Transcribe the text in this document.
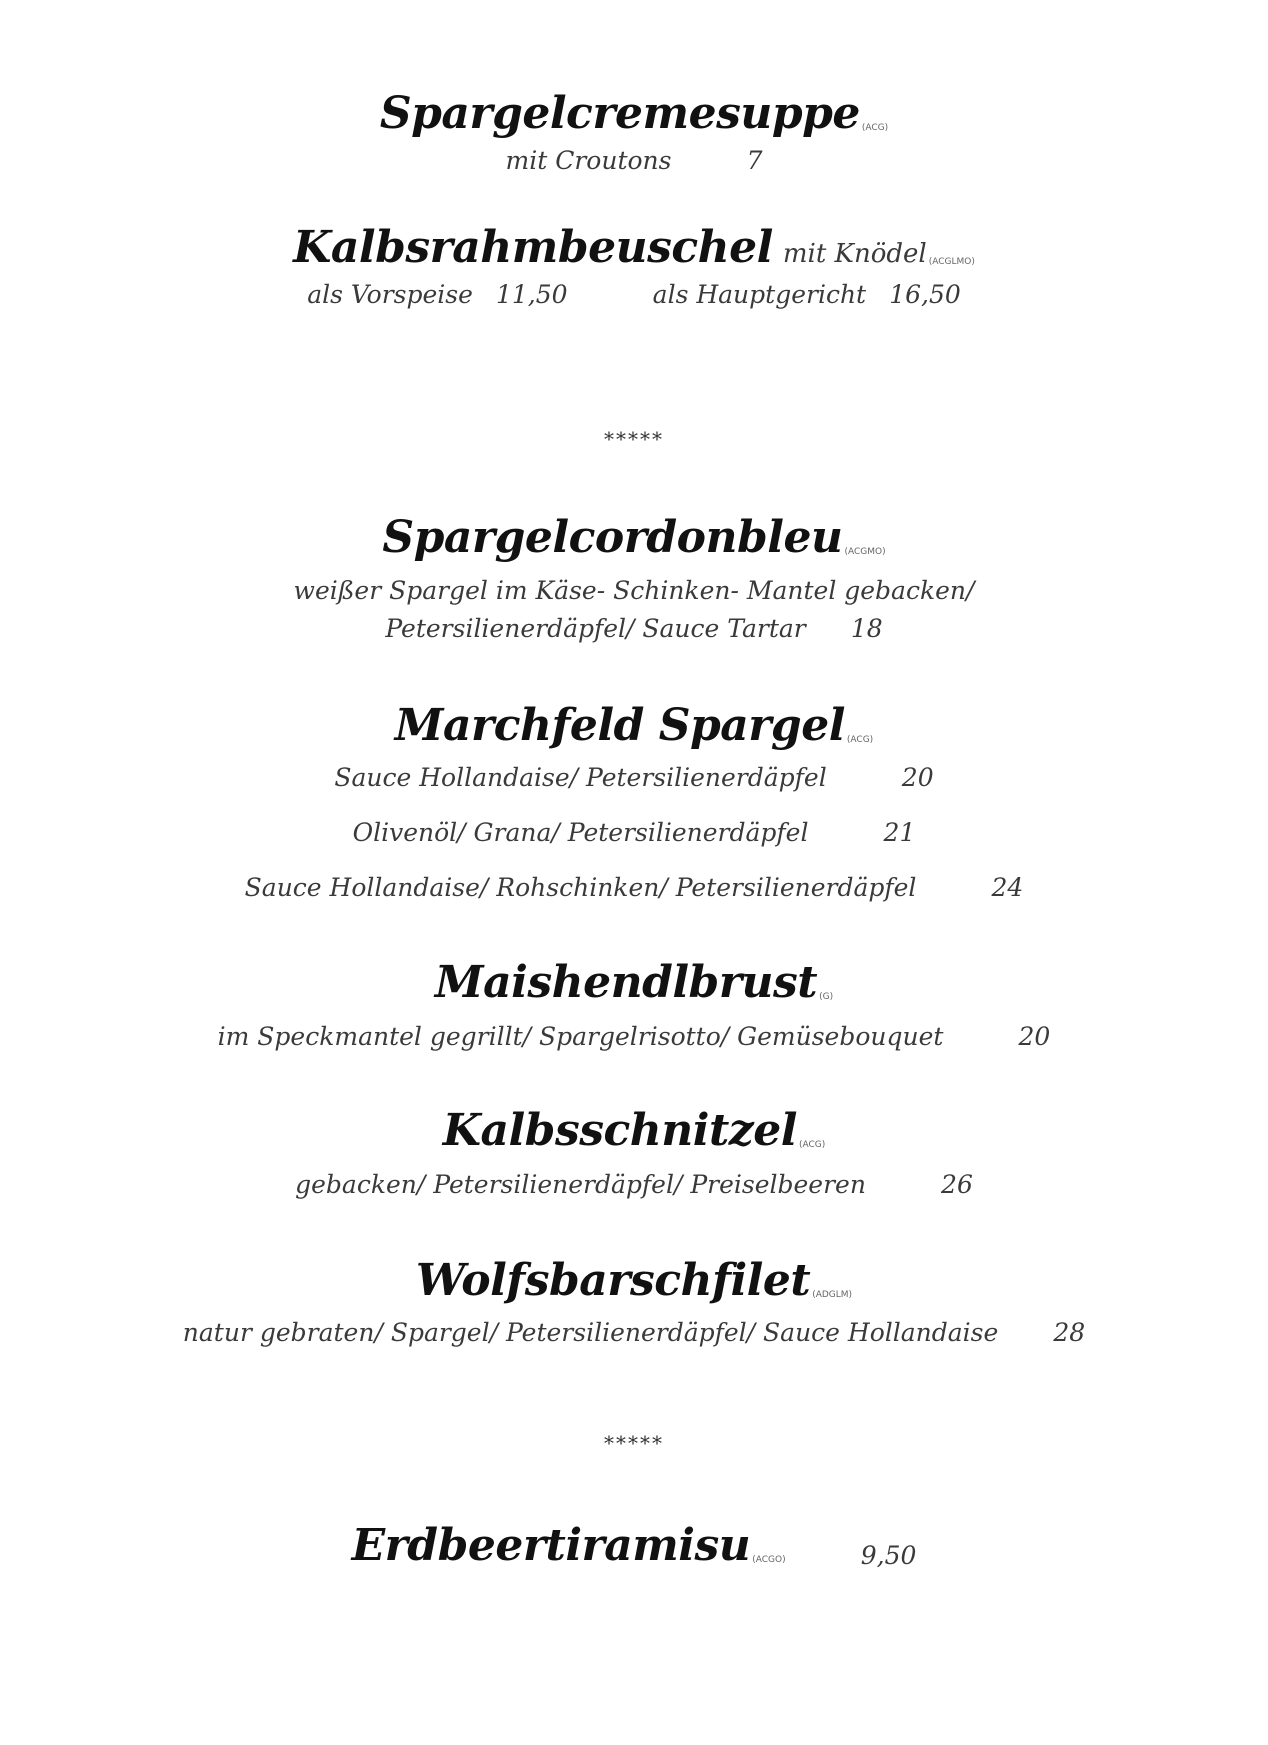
Spargelcremesuppe (ACG)
mit Croutons	7
Kalbsrahmbeuschel mit Knödel (ACGLMO)
als Vorspeise 11,50	als Hauptgericht 16,50
*****
Spargelcordonbleu (ACGMO)
weißer Spargel im Käse- Schinken- Mantel gebacken/
Petersilienerdäpfel/ Sauce Tartar 18
Marchfeld Spargel (ACG)
Sauce Hollandaise/ Petersilienerdäpfel	20
Olivenöl/ Grana/ Petersilienerdäpfel	21
Sauce Hollandaise/ Rohschinken/ Petersilienerdäpfel	24
Maishendlbrust (G)
im Speckmantel gegrillt/ Spargelrisotto/ Gemüsebouquet	20
Kalbsschnitzel (ACG)
gebacken/ Petersilienerdäpfel/ Preiselbeeren	26
Wolfsbarschfilet (ADGLM)
natur gebraten/ Spargel/ Petersilienerdäpfel/ Sauce Hollandaise 28
*****
Erdbeertiramisu (ACGO)	9,50
